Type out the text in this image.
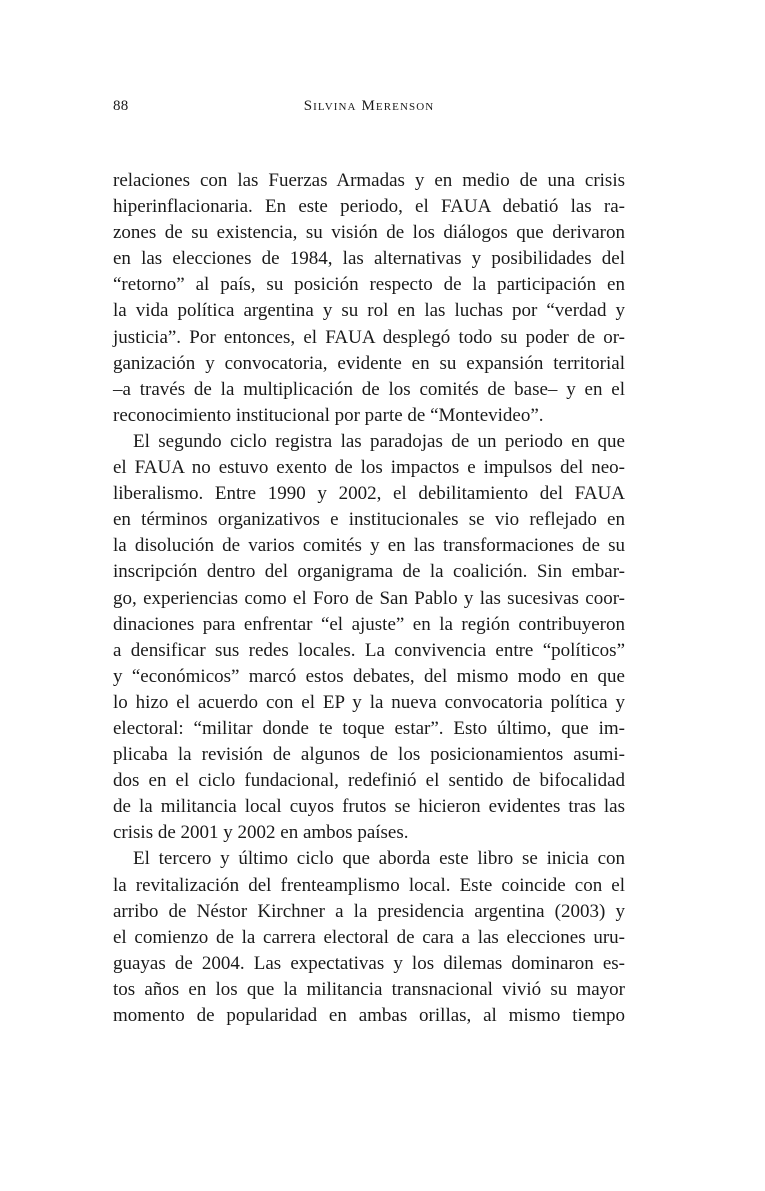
88	Silvina Merenson
relaciones con las Fuerzas Armadas y en medio de una crisis
hiperinflacionaria. En este periodo, el FAUA debatió las ra-
zones de su existencia, su visión de los diálogos que derivaron
en las elecciones de 1984, las alternativas y posibilidades del
“retorno” al país, su posición respecto de la participación en
la vida política argentina y su rol en las luchas por “verdad y
justicia”. Por entonces, el FAUA desplegó todo su poder de or-
ganización y convocatoria, evidente en su expansión territorial
–a través de la multiplicación de los comités de base– y en el
reconocimiento institucional por parte de “Montevideo”.
El segundo ciclo registra las paradojas de un periodo en que
el FAUA no estuvo exento de los impactos e impulsos del neo-
liberalismo. Entre 1990 y 2002, el debilitamiento del FAUA
en términos organizativos e institucionales se vio reflejado en
la disolución de varios comités y en las transformaciones de su
inscripción dentro del organigrama de la coalición. Sin embar-
go, experiencias como el Foro de San Pablo y las sucesivas coor-
dinaciones para enfrentar “el ajuste” en la región contribuyeron
a densificar sus redes locales. La convivencia entre “políticos”
y “económicos” marcó estos debates, del mismo modo en que
lo hizo el acuerdo con el EP y la nueva convocatoria política y
electoral: “militar donde te toque estar”. Esto último, que im-
plicaba la revisión de algunos de los posicionamientos asumi-
dos en el ciclo fundacional, redefinió el sentido de bifocalidad
de la militancia local cuyos frutos se hicieron evidentes tras las
crisis de 2001 y 2002 en ambos países.
El tercero y último ciclo que aborda este libro se inicia con
la revitalización del frenteamplismo local. Este coincide con el
arribo de Néstor Kirchner a la presidencia argentina (2003) y
el comienzo de la carrera electoral de cara a las elecciones uru-
guayas de 2004. Las expectativas y los dilemas dominaron es-
tos años en los que la militancia transnacional vivió su mayor
momento de popularidad en ambas orillas, al mismo tiempo
